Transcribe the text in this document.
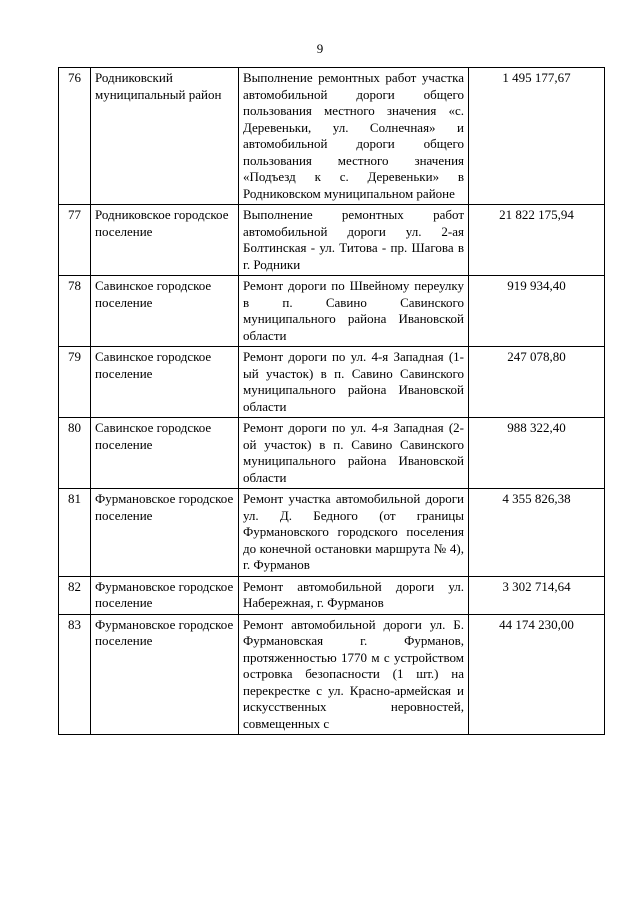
9
76	Родниковский муниципальный район	Выполнение ремонтных работ участка автомобильной дороги общего пользования местного значения «с. Деревеньки, ул. Солнечная» и автомобильной дороги общего пользования местного значения «Подъезд к с. Деревеньки» в Родниковском муниципальном районе	1 495 177,67
77	Родниковское городское поселение	Выполнение ремонтных работ автомобильной дороги ул. 2-ая Болтинская - ул. Титова - пр. Шагова в г. Родники	21 822 175,94
78	Савинское городское поселение	Ремонт дороги по Швейному переулку в п. Савино Савинского муниципального района Ивановской области	919 934,40
79	Савинское городское поселение	Ремонт дороги по ул. 4-я Западная (1-ый участок) в п. Савино Савинского муниципального района Ивановской области	247 078,80
80	Савинское городское поселение	Ремонт дороги по ул. 4-я Западная (2-ой участок) в п. Савино Савинского муниципального района Ивановской области	988 322,40
81	Фурмановское городское поселение	Ремонт участка автомобильной дороги ул. Д. Бедного (от границы Фурмановского городского поселения до конечной остановки маршрута № 4), г. Фурманов	4 355 826,38
82	Фурмановское городское поселение	Ремонт автомобильной дороги ул. Набережная, г. Фурманов	3 302 714,64
83	Фурмановское городское поселение	Ремонт автомобильной дороги ул. Б. Фурмановская г. Фурманов, протяженностью 1770 м с устройством островка безопасности (1 шт.) на перекрестке с ул. Красно-армейская и искусственных неровностей, совмещенных с	44 174 230,00
